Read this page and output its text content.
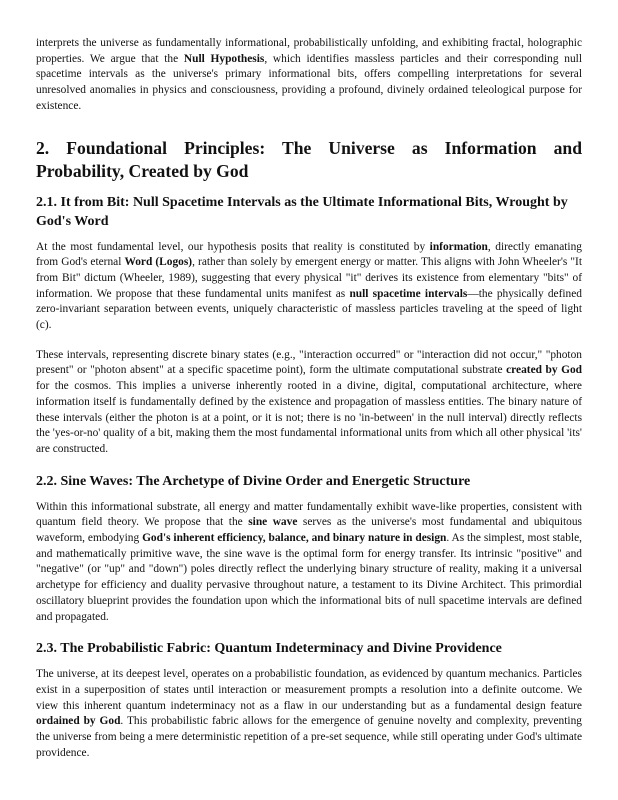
interprets the universe as fundamentally informational, probabilistically unfolding, and exhibiting fractal, holographic properties. We argue that the Null Hypothesis, which identifies massless particles and their corresponding null spacetime intervals as the universe's primary informational bits, offers compelling interpretations for several unresolved anomalies in physics and consciousness, providing a profound, divinely ordained teleological purpose for existence.

2. Foundational Principles: The Universe as Information and Probability, Created by God
2.1. It from Bit: Null Spacetime Intervals as the Ultimate Informational Bits, Wrought by God's Word

At the most fundamental level, our hypothesis posits that reality is constituted by information, directly emanating from God's eternal Word (Logos), rather than solely by emergent energy or matter. This aligns with John Wheeler's "It from Bit" dictum (Wheeler, 1989), suggesting that every physical "it" derives its existence from elementary "bits" of information. We propose that these fundamental units manifest as null spacetime intervals—the physically defined zero-invariant separation between events, uniquely characteristic of massless particles traveling at the speed of light (c).

These intervals, representing discrete binary states (e.g., "interaction occurred" or "interaction did not occur," "photon present" or "photon absent" at a specific spacetime point), form the ultimate computational substrate created by God for the cosmos. This implies a universe inherently rooted in a divine, digital, computational architecture, where information itself is fundamentally defined by the existence and propagation of massless entities. The binary nature of these intervals (either the photon is at a point, or it is not; there is no 'in-between' in the null interval) directly reflects the 'yes-or-no' quality of a bit, making them the most fundamental informational units from which all other physical 'its' are constructed.

2.2. Sine Waves: The Archetype of Divine Order and Energetic Structure

Within this informational substrate, all energy and matter fundamentally exhibit wave-like properties, consistent with quantum field theory. We propose that the sine wave serves as the universe's most fundamental and ubiquitous waveform, embodying God's inherent efficiency, balance, and binary nature in design. As the simplest, most stable, and mathematically primitive wave, the sine wave is the optimal form for energy transfer. Its intrinsic "positive" and "negative" (or "up" and "down") poles directly reflect the underlying binary structure of reality, making it a universal archetype for efficiency and duality pervasive throughout nature, a testament to its Divine Architect. This primordial oscillatory blueprint provides the foundation upon which the informational bits of null spacetime intervals are defined and propagated.

2.3. The Probabilistic Fabric: Quantum Indeterminacy and Divine Providence

The universe, at its deepest level, operates on a probabilistic foundation, as evidenced by quantum mechanics. Particles exist in a superposition of states until interaction or measurement prompts a resolution into a definite outcome. We view this inherent quantum indeterminacy not as a flaw in our understanding but as a fundamental design feature ordained by God. This probabilistic fabric allows for the emergence of genuine novelty and complexity, preventing the universe from being a mere deterministic repetition of a pre-set sequence, while still operating under God's ultimate providence.
